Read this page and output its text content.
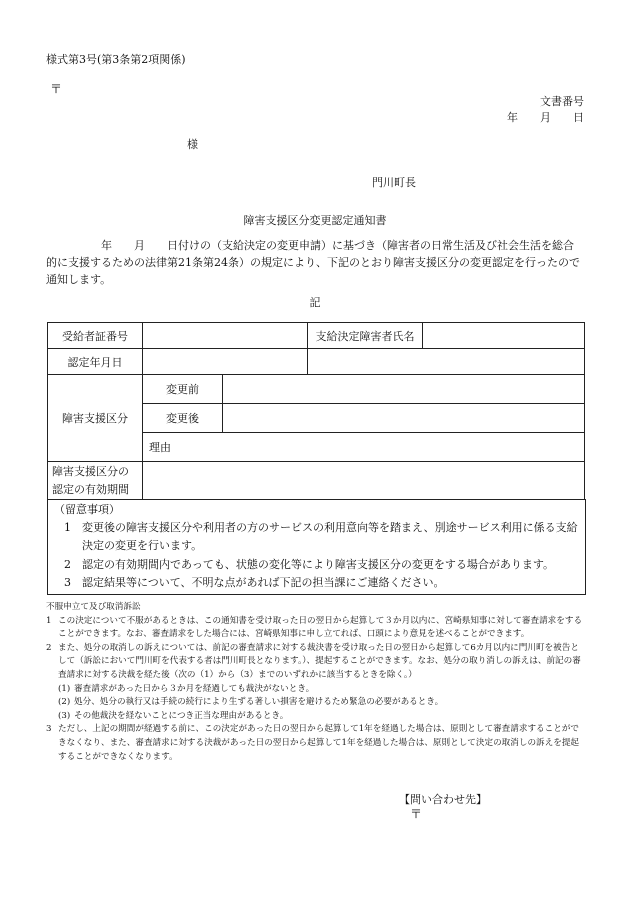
様式第3号(第3条第2項関係)
〒
文書番号
年　　月　　日
様
門川町長
障害支援区分変更認定通知書
年　　月　　日付けの（支給決定の変更申請）に基づき（障害者の日常生活及び社会生活を総合的に支援するための法律第21条第24条）の規定により、下記のとおり障害支援区分の変更認定を行ったので通知します。
記
受給者証番号			支給決定障害者氏名	
認定年月日				
障害支援区分	変更前			
	変更後			
	理由			

障害支援区分の
認定の有効期間				

（留意事項）
1	変更後の障害支援区分や利用者の方のサービスの利用意向等を踏まえ、別途サービス利用に係る支給決定の変更を行います。
2	認定の有効期間内であっても、状態の変化等により障害支援区分の変更をする場合があります。
3	認定結果等について、不明な点があれば下記の担当課にご連絡ください。
不服申立て及び取消訴訟
1 この決定について不服があるときは、この通知書を受け取った日の翌日から起算して３か月以内に、宮崎県知事に対して審査請求をすることができます。なお、審査請求をした場合には、宮崎県知事に申し立てれば、口頭により意見を述べることができます。
2 また、処分の取消しの訴えについては、前記の審査請求に対する裁決書を受け取った日の翌日から起算して6カ月以内に門川町を被告として（訴訟において門川町を代表する者は門川町長となります。）、提起することができます。なお、処分の取り消しの訴えは、前記の審査請求に対する決裁を経た後（次の（1）から（3）までのいずれかに該当するときを除く。）
(1) 審査請求があった日から３か月を経過しても裁決がないとき。
(2) 処分、処分の執行又は手続の続行により生ずる著しい損害を避けるため緊急の必要があるとき。
(3) その他裁決を経ないことにつき正当な理由があるとき。
3 ただし、上記の期間が経過する前に、この決定があった日の翌日から起算して1年を経過した場合は、原則として審査請求することができなくなり、また、審査請求に対する決裁があった日の翌日から起算して1年を経過した場合は、原則として決定の取消しの訴えを提起することができなくなります。
【問い合わせ先】
〒
